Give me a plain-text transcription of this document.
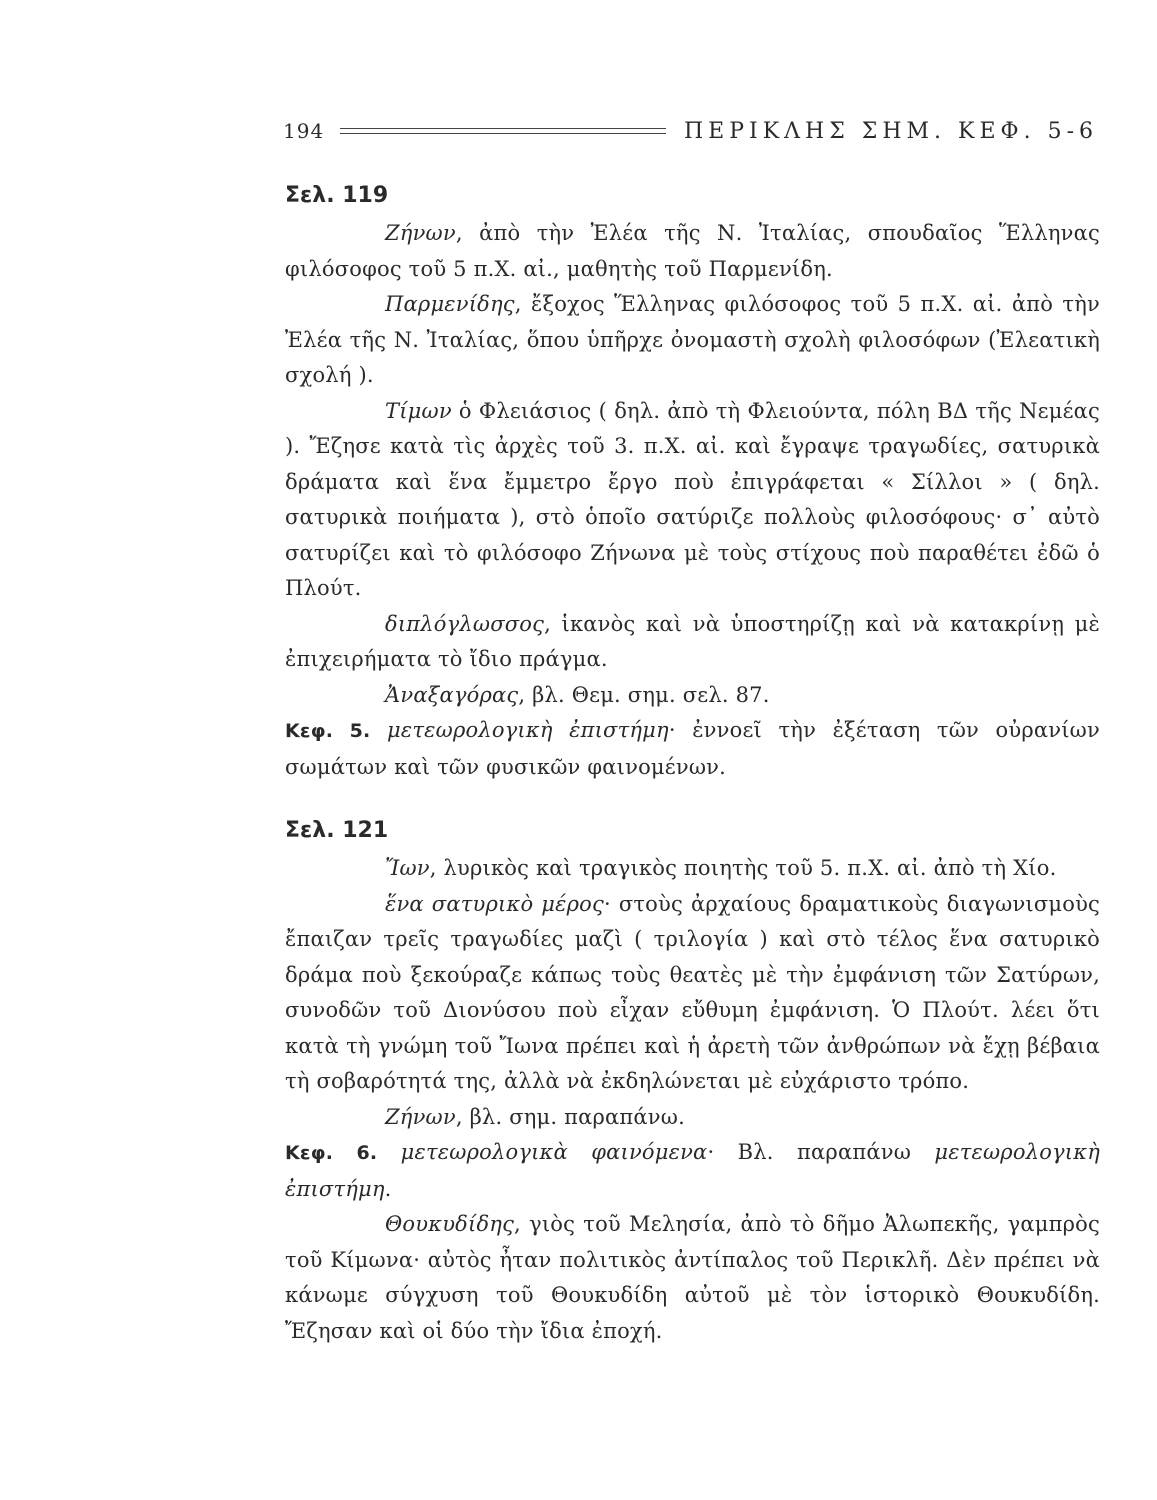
194	ΠΕΡΙΚΛΗΣ ΣΗΜ. ΚΕΦ. 5-6
Σελ. 119

Ζήνων, ἀπὸ τὴν Ἐλέα τῆς Ν. Ἰταλίας, σπουδαῖος Ἕλληνας φιλόσοφος τοῦ 5 π.Χ. αἰ., μαθητὴς τοῦ Παρμενίδη.

Παρμενίδης, ἔξοχος Ἕλληνας φιλόσοφος τοῦ 5 π.Χ. αἰ. ἀπὸ τὴν Ἐλέα τῆς Ν. Ἰταλίας, ὅπου ὑπῆρχε ὀνομαστὴ σχολὴ φιλοσόφων (Ἐλεατικὴ σχολή ).

Τίμων ὁ Φλειάσιος ( δηλ. ἀπὸ τὴ Φλειούντα, πόλη ΒΔ τῆς Νεμέας ). Ἔζησε κατὰ τὶς ἀρχὲς τοῦ 3. π.Χ. αἰ. καὶ ἔγραψε τραγωδίες, σατυρικὰ δράματα καὶ ἕνα ἔμμετρο ἔργο ποὺ ἐπιγράφεται « Σίλλοι » ( δηλ. σατυρικὰ ποιήματα ), στὸ ὁποῖο σατύριζε πολλοὺς φιλοσόφους· σ᾽ αὐτὸ σατυρίζει καὶ τὸ φιλόσοφο Ζήνωνα μὲ τοὺς στίχους ποὺ παραθέτει ἐδῶ ὁ Πλούτ.

διπλόγλωσσος, ἱκανὸς καὶ νὰ ὑποστηρίζῃ καὶ νὰ κατακρίνῃ μὲ ἐπιχειρήματα τὸ ἴδιο πράγμα.

Ἀναξαγόρας, βλ. Θεμ. σημ. σελ. 87.

Κεφ. 5. μετεωρολογικὴ ἐπιστήμη· ἐννοεῖ τὴν ἐξέταση τῶν οὐρανίων σωμάτων καὶ τῶν φυσικῶν φαινομένων.

Σελ. 121

Ἴων, λυρικὸς καὶ τραγικὸς ποιητὴς τοῦ 5. π.Χ. αἰ. ἀπὸ τὴ Χίο.

ἕνα σατυρικὸ μέρος· στοὺς ἀρχαίους δραματικοὺς διαγωνισμοὺς ἔπαιζαν τρεῖς τραγωδίες μαζὶ ( τριλογία ) καὶ στὸ τέλος ἕνα σατυρικὸ δράμα ποὺ ξεκούραζε κάπως τοὺς θεατὲς μὲ τὴν ἐμφάνιση τῶν Σατύρων, συνοδῶν τοῦ Διονύσου ποὺ εἶχαν εὔθυμη ἐμφάνιση. Ὁ Πλούτ. λέει ὅτι κατὰ τὴ γνώμη τοῦ Ἴωνα πρέπει καὶ ἡ ἀρετὴ τῶν ἀνθρώπων νὰ ἔχῃ βέβαια τὴ σοβαρότητά της, ἀλλὰ νὰ ἐκδηλώνεται μὲ εὐχάριστο τρόπο.

Ζήνων, βλ. σημ. παραπάνω.

Κεφ. 6. μετεωρολογικὰ φαινόμενα· Βλ. παραπάνω μετεωρολογικὴ ἐπιστήμη.

Θουκυδίδης, γιὸς τοῦ Μελησία, ἀπὸ τὸ δῆμο Ἀλωπεκῆς, γαμπρὸς τοῦ Κίμωνα· αὐτὸς ἦταν πολιτικὸς ἀντίπαλος τοῦ Περικλῆ. Δὲν πρέπει νὰ κάνωμε σύγχυση τοῦ Θουκυδίδη αὐτοῦ μὲ τὸν ἱστορικὸ Θουκυδίδη. Ἔζησαν καὶ οἱ δύο τὴν ἴδια ἐποχή.
